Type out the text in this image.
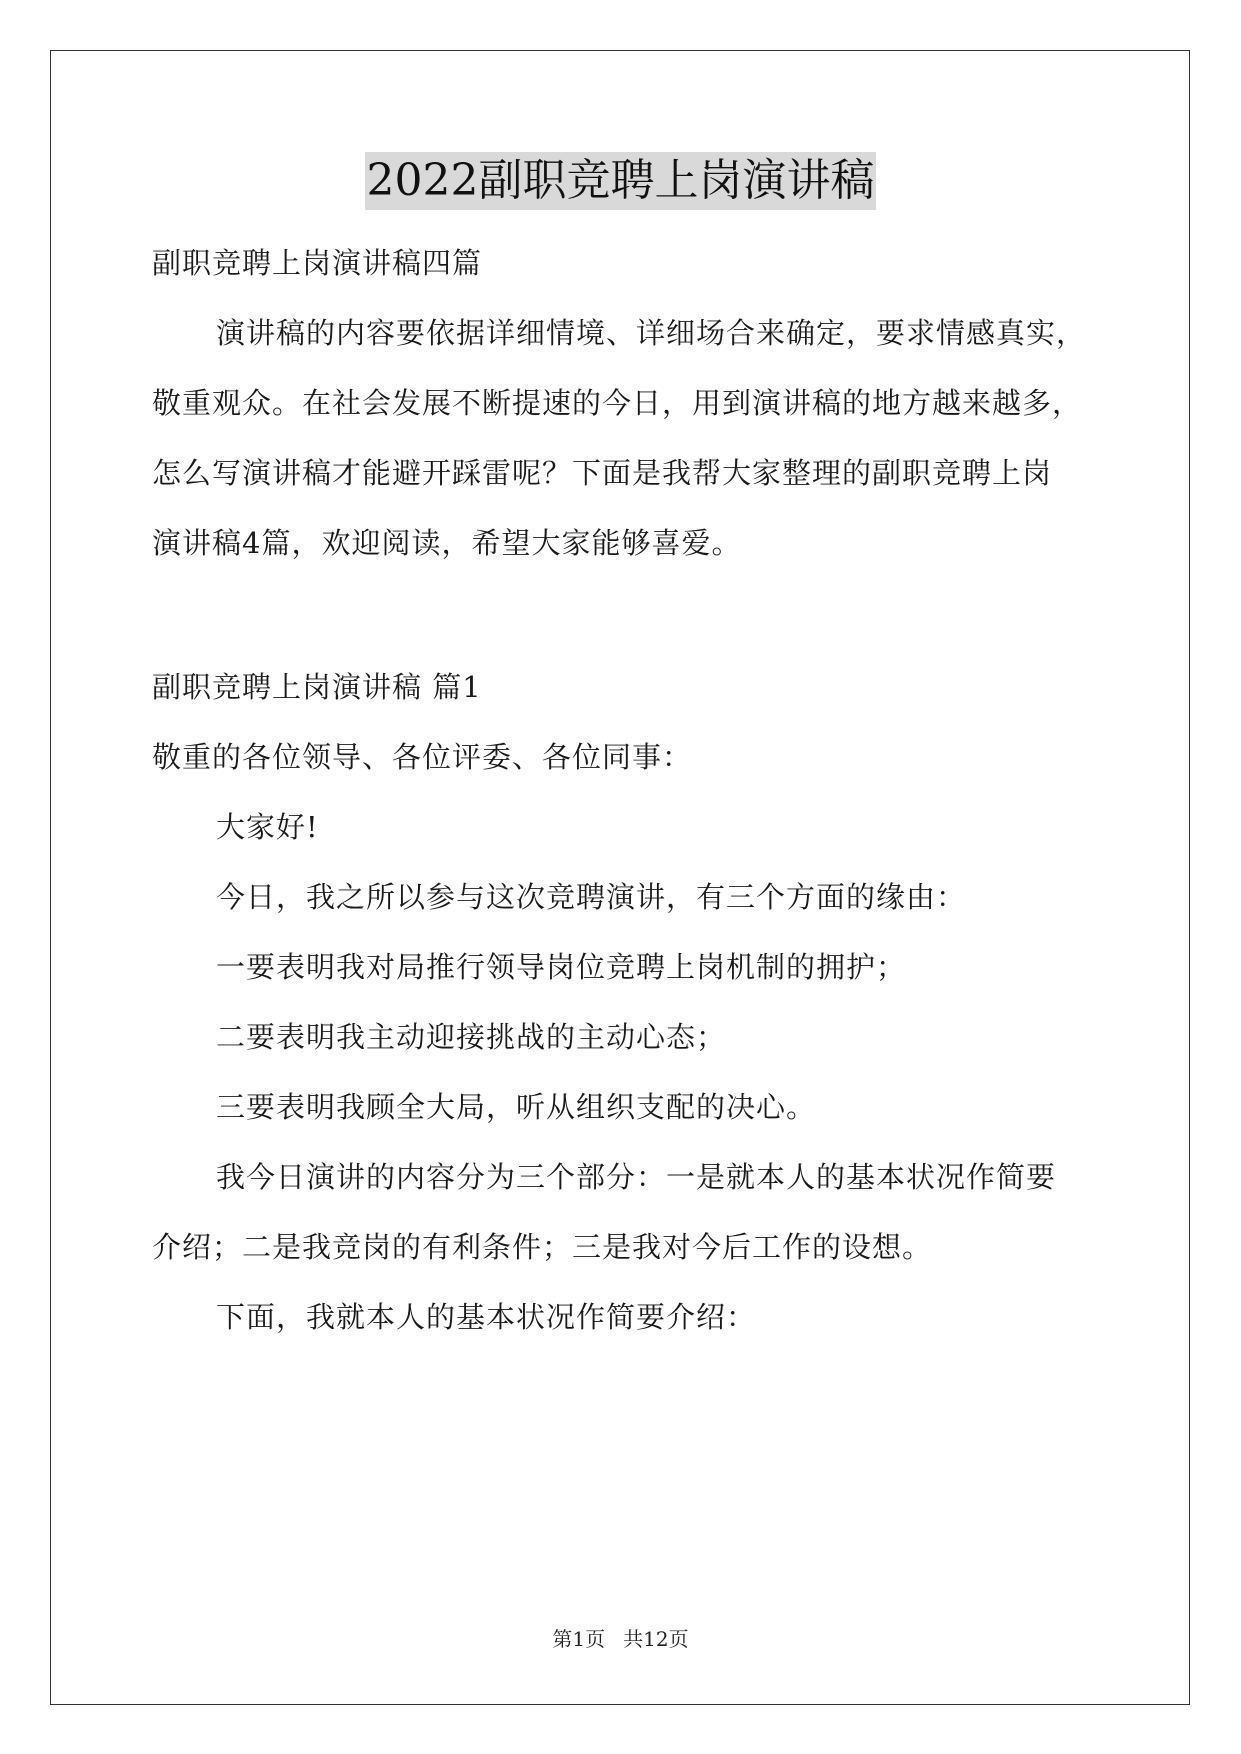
2022副职竞聘上岗演讲稿
副职竞聘上岗演讲稿四篇
演讲稿的内容要依据详细情境、详细场合来确定，要求情感真实，
敬重观众。在社会发展不断提速的今日，用到演讲稿的地方越来越多，
怎么写演讲稿才能避开踩雷呢？下面是我帮大家整理的副职竞聘上岗
演讲稿4篇，欢迎阅读，希望大家能够喜爱。
副职竞聘上岗演讲稿 篇1
敬重的各位领导、各位评委、各位同事：
大家好!
今日，我之所以参与这次竞聘演讲，有三个方面的缘由：
一要表明我对局推行领导岗位竞聘上岗机制的拥护；
二要表明我主动迎接挑战的主动心态；
三要表明我顾全大局，听从组织支配的决心。
我今日演讲的内容分为三个部分：一是就本人的基本状况作简要
介绍；二是我竞岗的有利条件；三是我对今后工作的设想。
下面，我就本人的基本状况作简要介绍：
第1页 共12页
